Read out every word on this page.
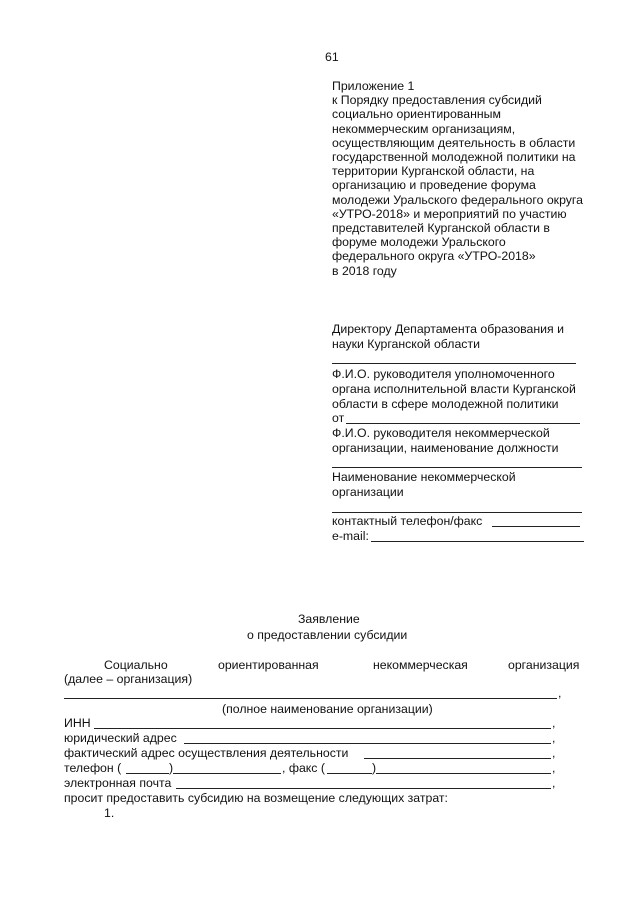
61
Приложение 1
к Порядку предоставления субсидий
социально ориентированным
некоммерческим организациям,
осуществляющим деятельность в области
государственной молодежной политики на
территории Курганской области, на
организацию и проведение форума
молодежи Уральского федерального округа
«УТРО-2018» и мероприятий по участию
представителей Курганской области в
форуме молодежи Уральского
федерального округа «УТРО-2018»
в 2018 году
Директору Департамента образования и
науки Курганской области
Ф.И.О. руководителя уполномоченного
органа исполнительной власти Курганской
области в сфере молодежной политики
от
Ф.И.О. руководителя некоммерческой
организации, наименование должности
Наименование некоммерческой
организации
контактный телефон/факс
e-mail:
Заявление
о предоставлении субсидии
Социально	ориентированная	некоммерческая	организация
(далее – организация)
,
(полное наименование организации)
ИНН	,
юридический адрес	,
фактический адрес осуществления деятельности	,
телефон (	)	, факс (	)	,
электронная почта	,
просит предоставить субсидию на возмещение следующих затрат:
1.
